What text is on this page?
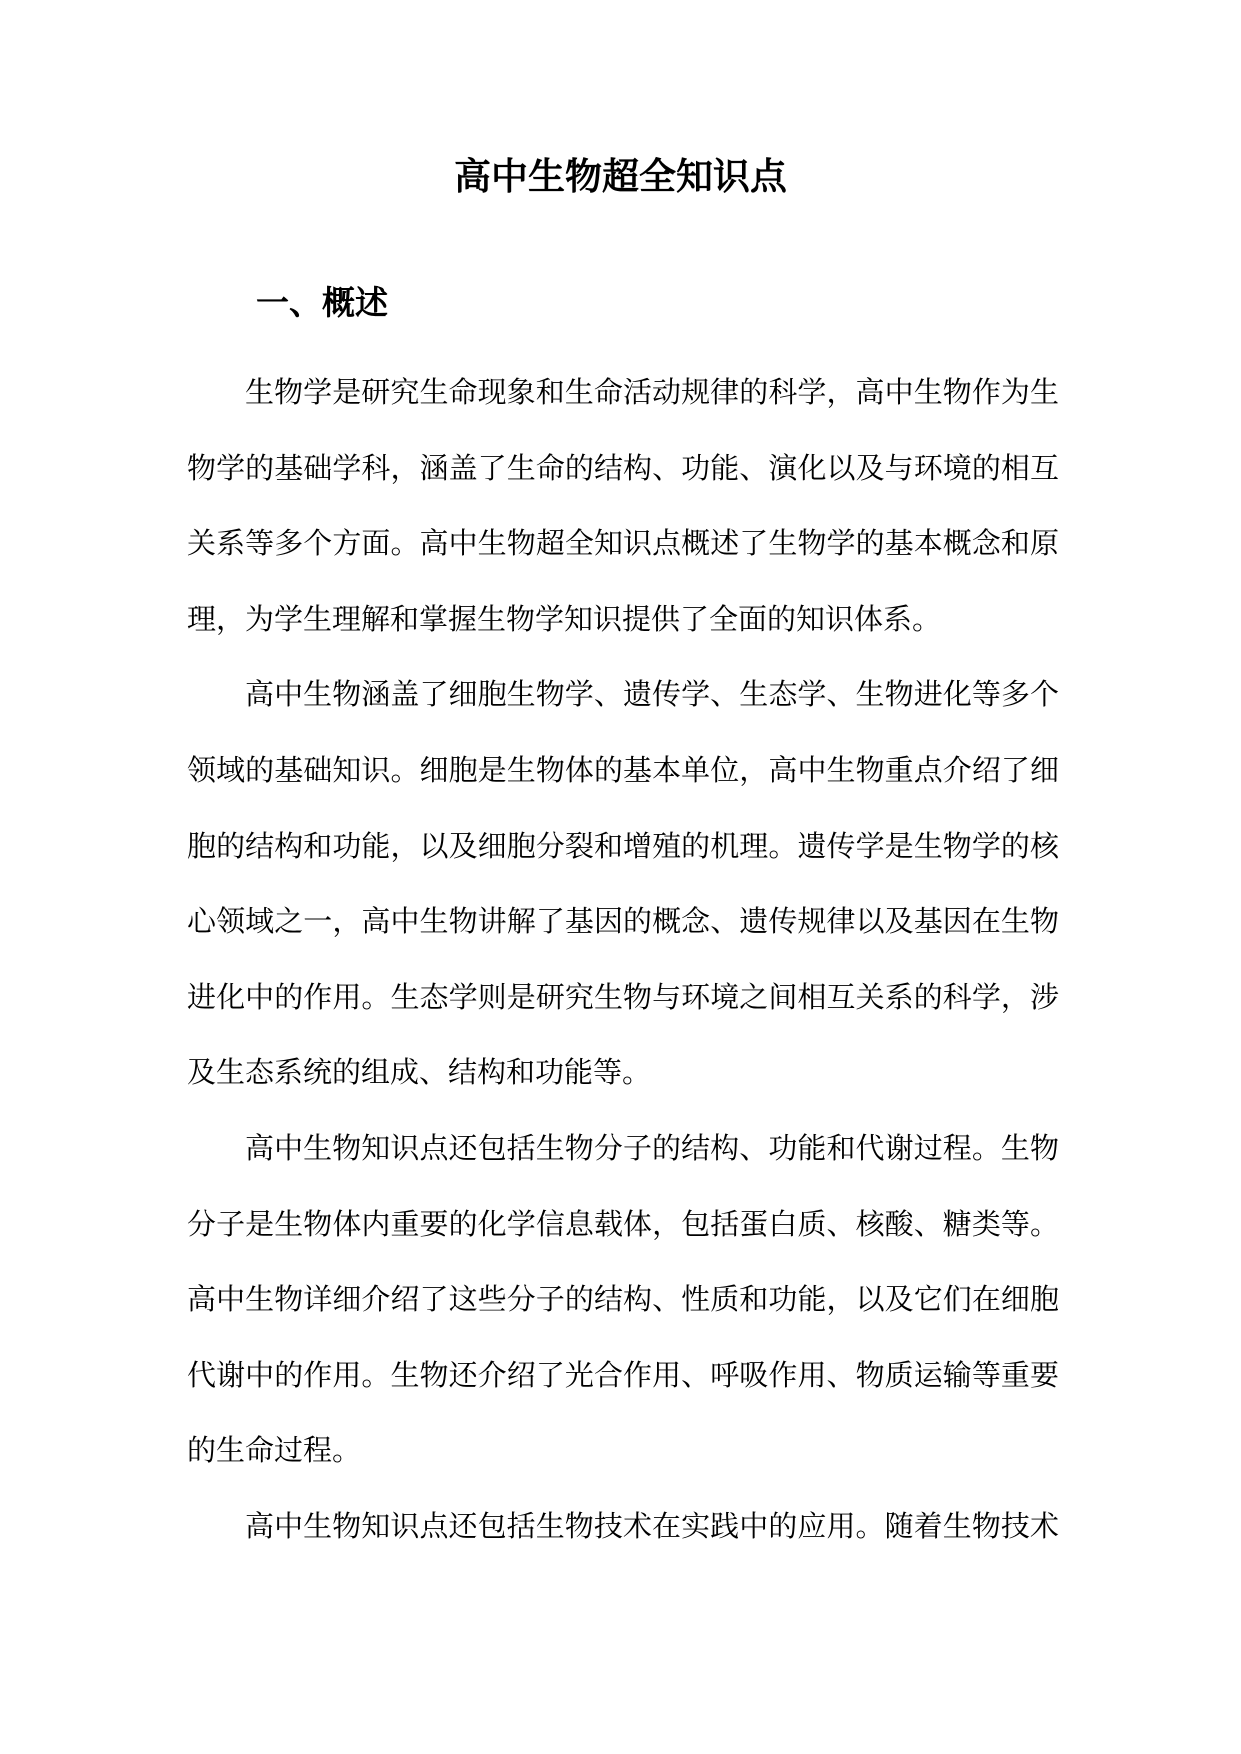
高中生物超全知识点
一、概述

生物学是研究生命现象和生命活动规律的科学，高中生物作为生
物学的基础学科，涵盖了生命的结构、功能、演化以及与环境的相互
关系等多个方面。高中生物超全知识点概述了生物学的基本概念和原
理，为学生理解和掌握生物学知识提供了全面的知识体系。

高中生物涵盖了细胞生物学、遗传学、生态学、生物进化等多个
领域的基础知识。细胞是生物体的基本单位，高中生物重点介绍了细
胞的结构和功能，以及细胞分裂和增殖的机理。遗传学是生物学的核
心领域之一，高中生物讲解了基因的概念、遗传规律以及基因在生物
进化中的作用。生态学则是研究生物与环境之间相互关系的科学，涉
及生态系统的组成、结构和功能等。

高中生物知识点还包括生物分子的结构、功能和代谢过程。生物
分子是生物体内重要的化学信息载体，包括蛋白质、核酸、糖类等。
高中生物详细介绍了这些分子的结构、性质和功能，以及它们在细胞
代谢中的作用。生物还介绍了光合作用、呼吸作用、物质运输等重要
的生命过程。

高中生物知识点还包括生物技术在实践中的应用。随着生物技术
